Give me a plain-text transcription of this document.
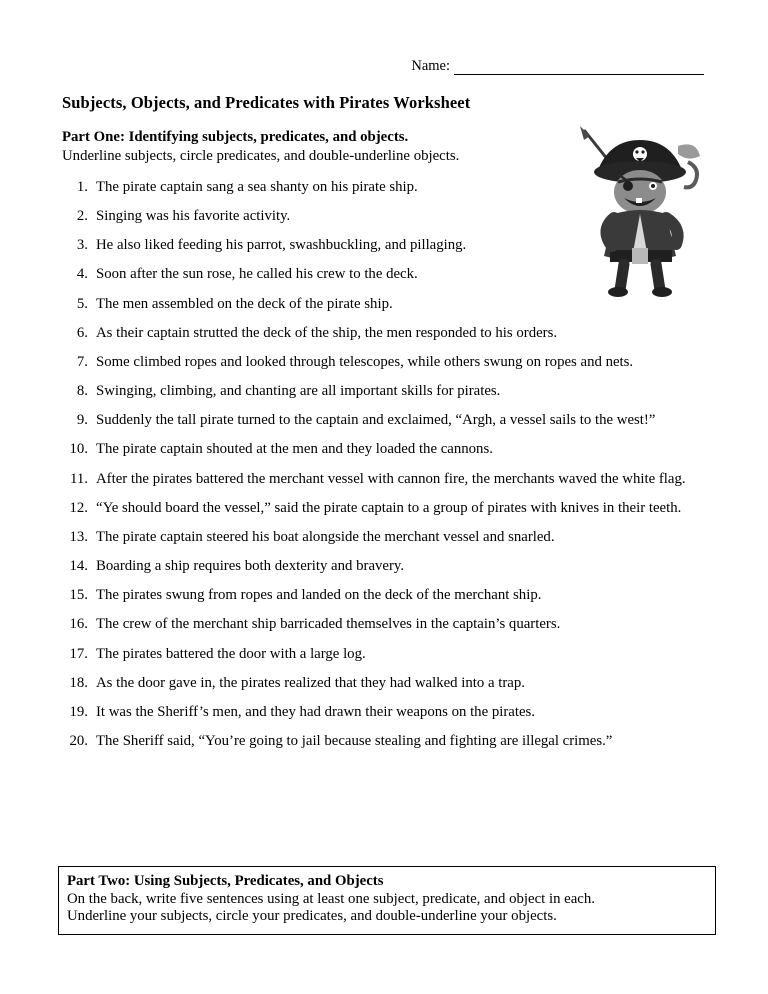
Name:
Subjects, Objects, and Predicates with Pirates Worksheet
Part One: Identifying subjects, predicates, and objects.
Underline subjects, circle predicates, and double-underline objects.
1. The pirate captain sang a sea shanty on his pirate ship.
2. Singing was his favorite activity.
3. He also liked feeding his parrot, swashbuckling, and pillaging.
4. Soon after the sun rose, he called his crew to the deck.
5. The men assembled on the deck of the pirate ship.
6. As their captain strutted the deck of the ship, the men responded to his orders.
7. Some climbed ropes and looked through telescopes, while others swung on ropes and nets.
8. Swinging, climbing, and chanting are all important skills for pirates.
9. Suddenly the tall pirate turned to the captain and exclaimed, “Argh, a vessel sails to the west!”
10. The pirate captain shouted at the men and they loaded the cannons.
11. After the pirates battered the merchant vessel with cannon fire, the merchants waved the white flag.
12. “Ye should board the vessel,” said the pirate captain to a group of pirates with knives in their teeth.
13. The pirate captain steered his boat alongside the merchant vessel and snarled.
14. Boarding a ship requires both dexterity and bravery.
15. The pirates swung from ropes and landed on the deck of the merchant ship.
16. The crew of the merchant ship barricaded themselves in the captain’s quarters.
17. The pirates battered the door with a large log.
18. As the door gave in, the pirates realized that they had walked into a trap.
19. It was the Sheriff’s men, and they had drawn their weapons on the pirates.
20. The Sheriff said, “You’re going to jail because stealing and fighting are illegal crimes.”
Part Two: Using Subjects, Predicates, and Objects
On the back, write five sentences using at least one subject, predicate, and object in each.
Underline your subjects, circle your predicates, and double-underline your objects.
